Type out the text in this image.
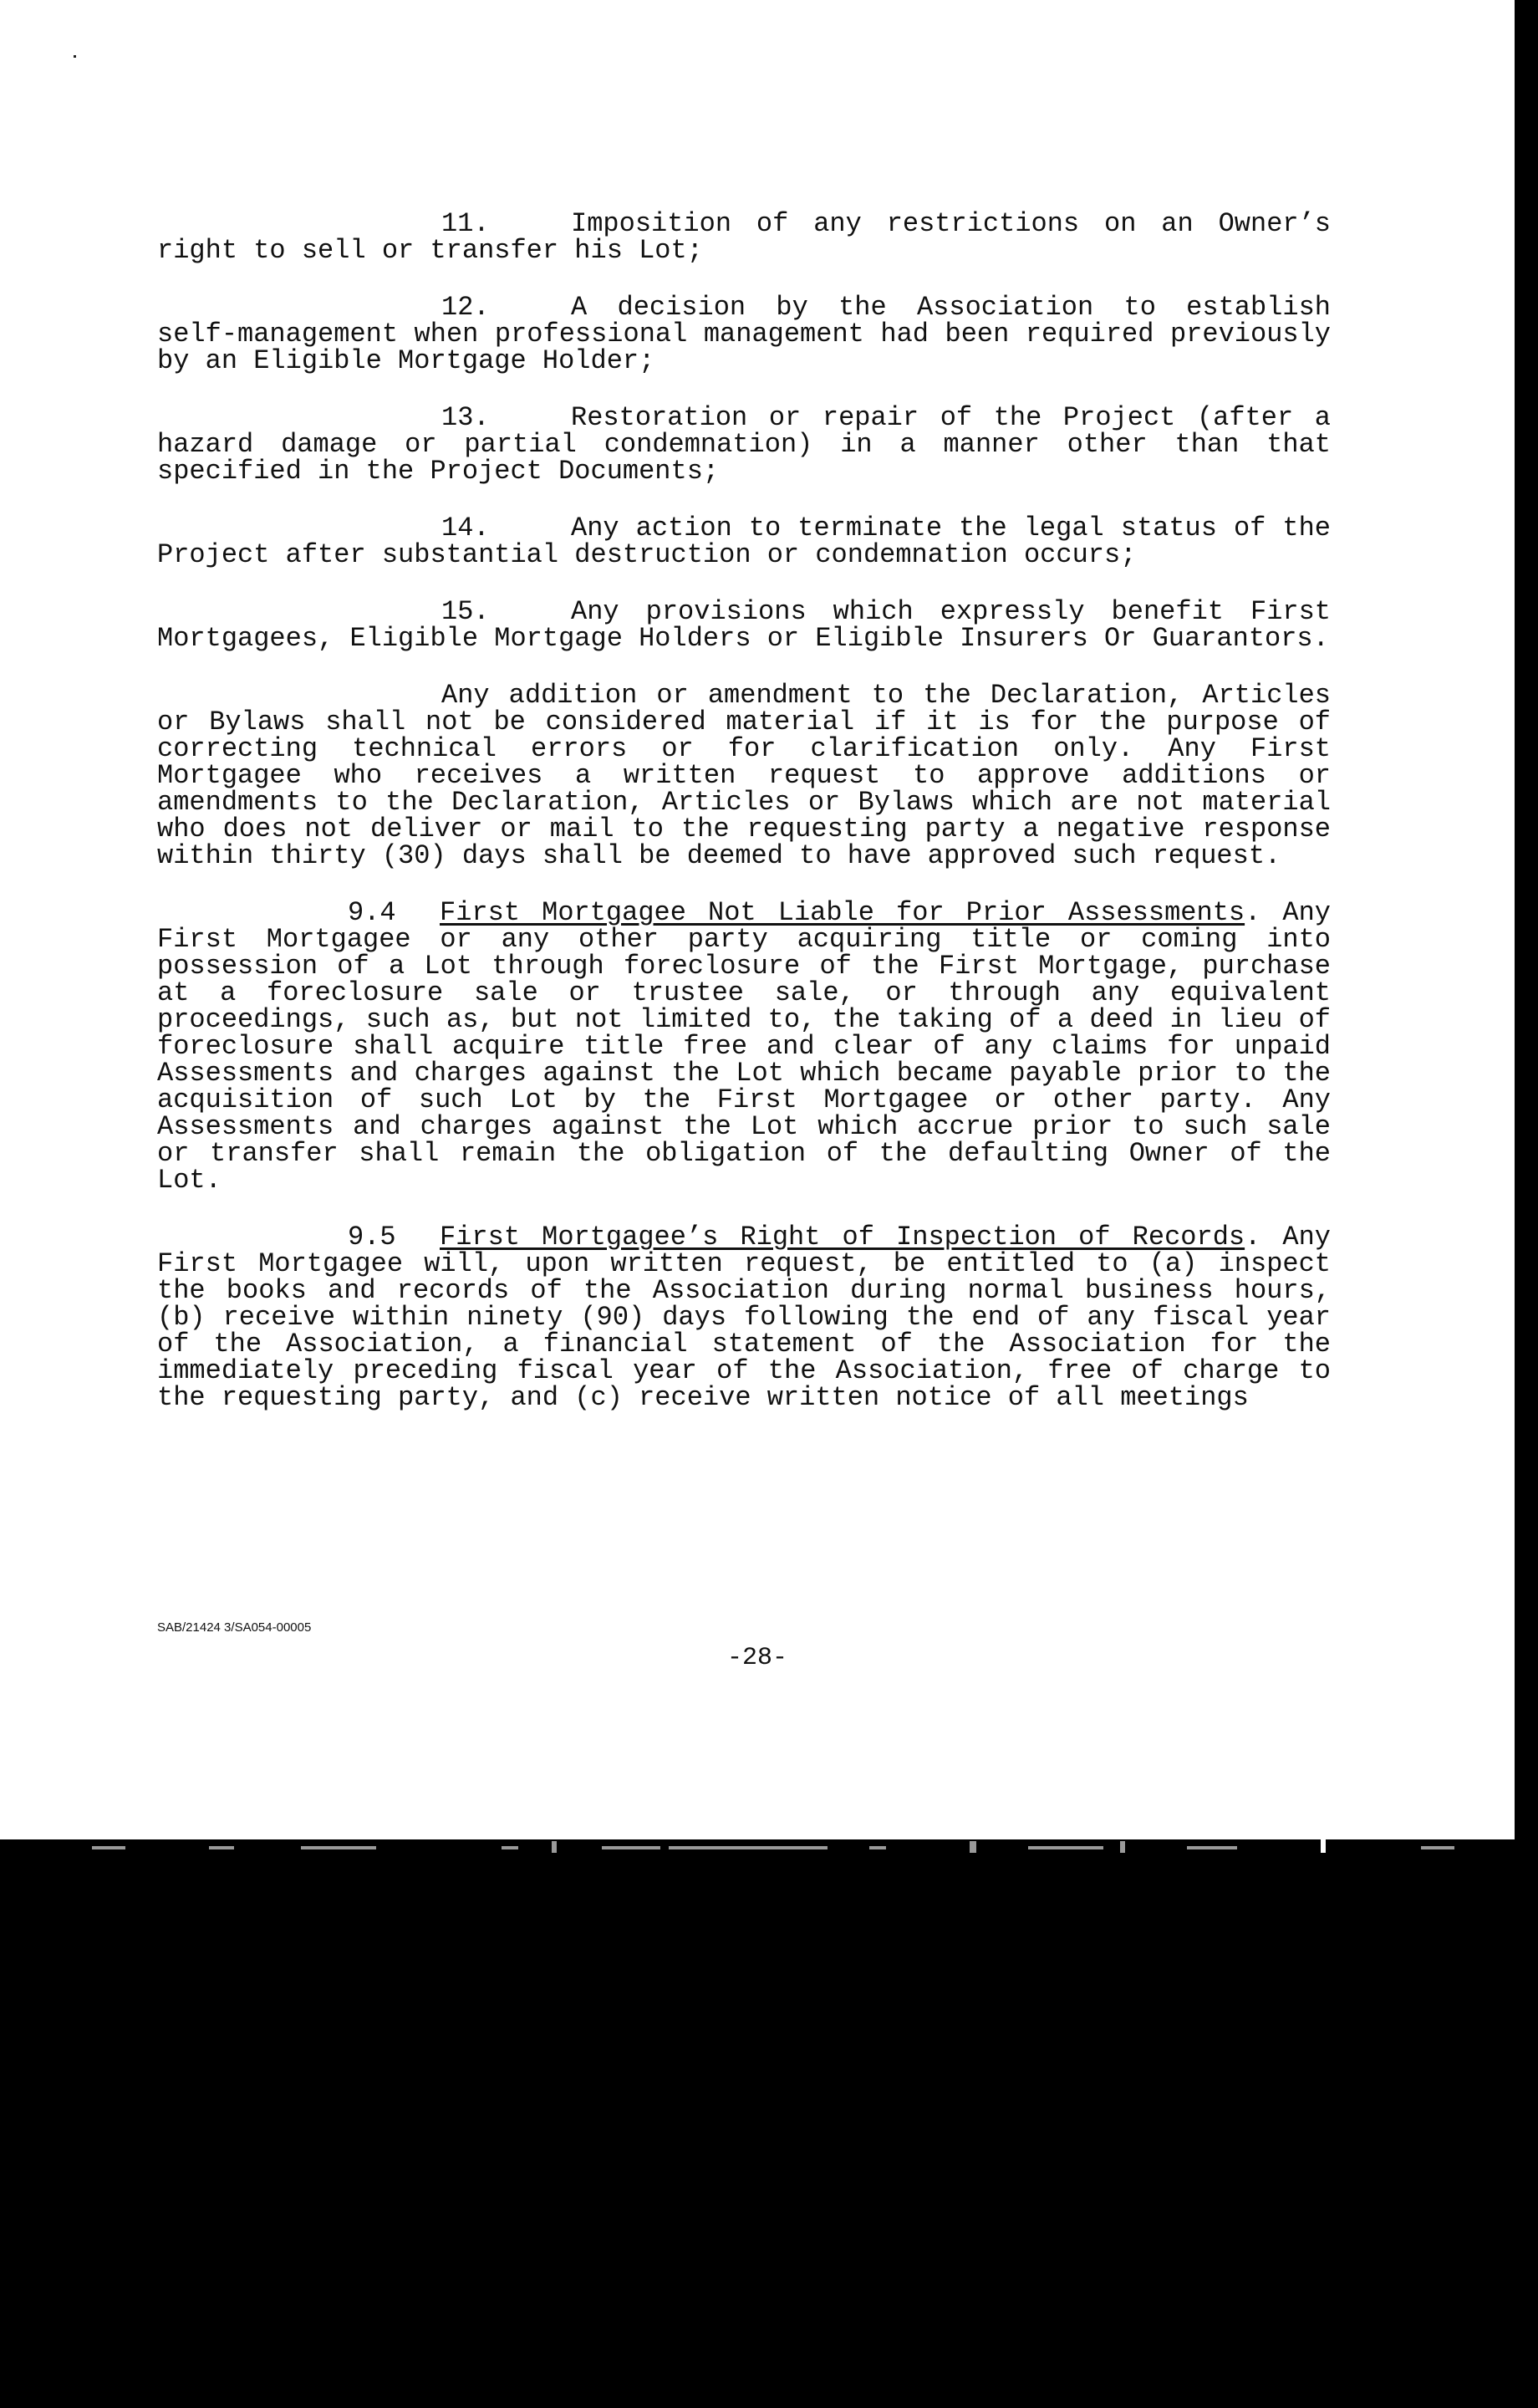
11.	Imposition of any restrictions on an Owner’s right to sell or transfer his Lot;

12.	A decision by the Association to establish self-management when professional management had been required previously by an Eligible Mortgage Holder;

13.	Restoration or repair of the Project (after a hazard damage or partial condemnation) in a manner other than that specified in the Project Documents;

14.	Any action to terminate the legal status of the Project after substantial destruction or condemnation occurs;

15.	Any provisions which expressly benefit First Mortgagees, Eligible Mortgage Holders or Eligible Insurers Or Guarantors.

Any addition or amendment to the Declaration, Articles or Bylaws shall not be considered material if it is for the purpose of correcting technical errors or for clarification only. Any First Mortgagee who receives a written request to approve additions or amendments to the Declaration, Articles or Bylaws which are not material who does not deliver or mail to the requesting party a negative response within thirty (30) days shall be deemed to have approved such request.

9.4 First Mortgagee Not Liable for Prior Assessments. Any First Mortgagee or any other party acquiring title or coming into possession of a Lot through foreclosure of the First Mortgage, purchase at a foreclosure sale or trustee sale, or through any equivalent proceedings, such as, but not limited to, the taking of a deed in lieu of foreclosure shall acquire title free and clear of any claims for unpaid Assessments and charges against the Lot which became payable prior to the acquisition of such Lot by the First Mortgagee or other party. Any Assessments and charges against the Lot which accrue prior to such sale or transfer shall remain the obligation of the defaulting Owner of the Lot.

9.5 First Mortgagee’s Right of Inspection of Records. Any First Mortgagee will, upon written request, be entitled to (a) inspect the books and records of the Association during normal business hours, (b) receive within ninety (90) days following the end of any fiscal year of the Association, a financial statement of the Association for the immediately preceding fiscal year of the Association, free of charge to the requesting party, and (c) receive written notice of all meetings

SAB/21424 3/SA054-00005
-28-
